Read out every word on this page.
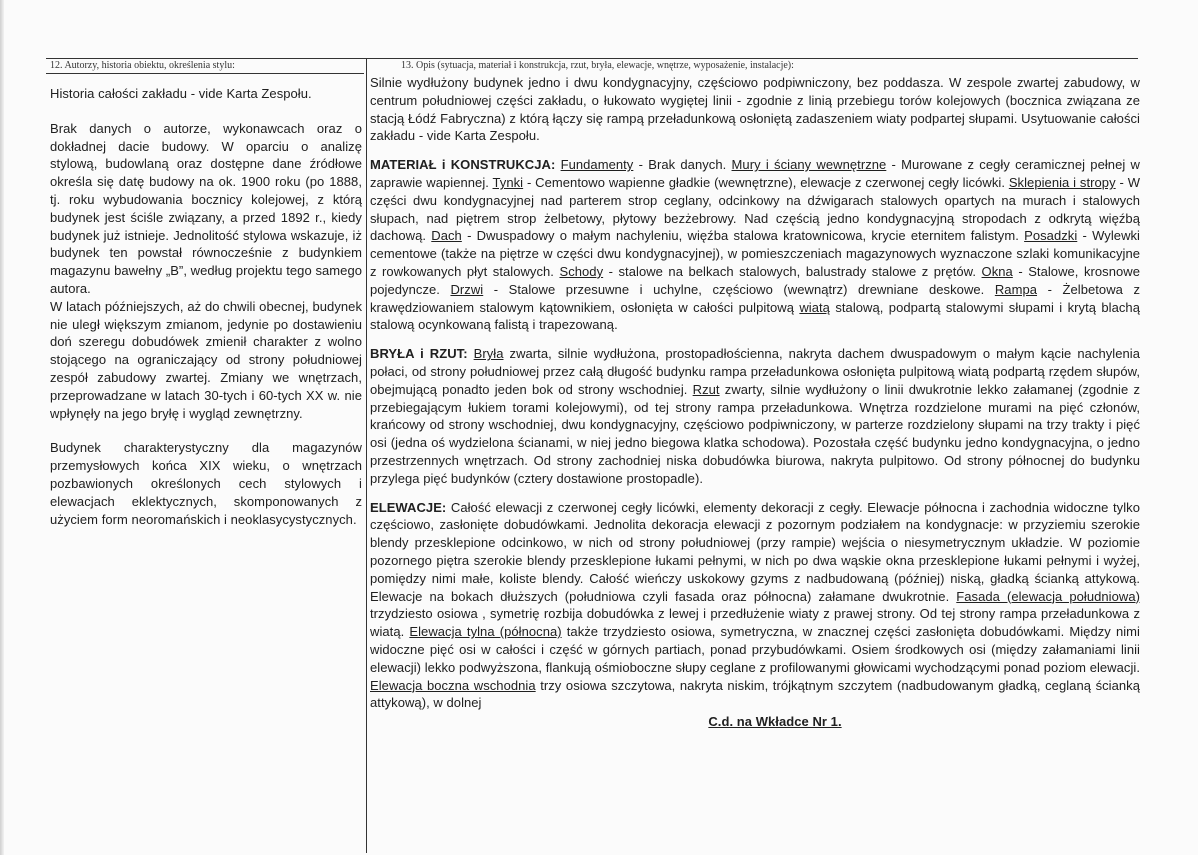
12. Autorzy, historia obiektu, określenia stylu:	13. Opis (sytuacja, materiał i konstrukcja, rzut, bryła, elewacje, wnętrze, wyposażenie, instalacje):

Historia całości zakładu - vide Karta Zespołu.

Brak danych o autorze, wykonawcach oraz o dokładnej dacie budowy. W oparciu o analizę stylową, budowlaną oraz dostępne dane źródłowe określa się datę budowy na ok. 1900 roku (po 1888, tj. roku wybudowania bocznicy kolejowej, z którą budynek jest ściśle związany, a przed 1892 r., kiedy budynek już istnieje. Jednolitość stylowa wskazuje, iż budynek ten powstał równocześnie z budynkiem magazynu bawełny „B”, według projektu tego samego autora.

W latach późniejszych, aż do chwili obecnej, budynek nie uległ większym zmianom, jedynie po dostawieniu doń szeregu dobudówek zmienił charakter z wolno stojącego na ograniczający od strony południowej zespół zabudowy zwartej. Zmiany we wnętrzach, przeprowadzane w latach 30-tych i 60-tych XX w. nie wpłynęły na jego bryłę i wygląd zewnętrzny.

Budynek charakterystyczny dla magazynów przemysłowych końca XIX wieku, o wnętrzach pozbawionych określonych cech stylowych i elewacjach eklektycznych, skomponowanych z użyciem form neoromańskich i neoklasycystycznych.

Silnie wydłużony budynek jedno i dwu kondygnacyjny, częściowo podpiwniczony, bez poddasza. W zespole zwartej zabudowy, w centrum południowej części zakładu, o łukowato wygiętej linii - zgodnie z linią przebiegu torów kolejowych (bocznica związana ze stacją Łódź Fabryczna) z którą łączy się rampą przeładunkową osłoniętą zadaszeniem wiaty podpartej słupami. Usytuowanie całości zakładu - vide Karta Zespołu.

MATERIAŁ i KONSTRUKCJA: Fundamenty - Brak danych. Mury i ściany wewnętrzne - Murowane z cegły ceramicznej pełnej w zaprawie wapiennej. Tynki - Cementowo wapienne gładkie (wewnętrzne), elewacje z czerwonej cegły licówki. Sklepienia i stropy - W części dwu kondygnacyjnej nad parterem strop ceglany, odcinkowy na dźwigarach stalowych opartych na murach i stalowych słupach, nad piętrem strop żelbetowy, płytowy bezżebrowy. Nad częścią jedno kondygnacyjną stropodach z odkrytą więźbą dachową. Dach - Dwuspadowy o małym nachyleniu, więźba stalowa kratownicowa, krycie eternitem falistym. Posadzki - Wylewki cementowe (także na piętrze w części dwu kondygnacyjnej), w pomieszczeniach magazynowych wyznaczone szlaki komunikacyjne z rowkowanych płyt stalowych. Schody - stalowe na belkach stalowych, balustrady stalowe z prętów. Okna - Stalowe, krosnowe pojedyncze. Drzwi - Stalowe przesuwne i uchylne, częściowo (wewnątrz) drewniane deskowe. Rampa - Żelbetowa z krawędziowaniem stalowym kątownikiem, osłonięta w całości pulpitową wiatą stalową, podpartą stalowymi słupami i krytą blachą stalową ocynkowaną falistą i trapezowaną.

BRYŁA i RZUT: Bryła zwarta, silnie wydłużona, prostopadłościenna, nakryta dachem dwuspadowym o małym kącie nachylenia połaci, od strony południowej przez całą długość budynku rampa przeładunkowa osłonięta pulpitową wiatą podpartą rzędem słupów, obejmującą ponadto jeden bok od strony wschodniej. Rzut zwarty, silnie wydłużony o linii dwukrotnie lekko załamanej (zgodnie z przebiegającym łukiem torami kolejowymi), od tej strony rampa przeładunkowa. Wnętrza rozdzielone murami na pięć członów, krańcowy od strony wschodniej, dwu kondygnacyjny, częściowo podpiwniczony, w parterze rozdzielony słupami na trzy trakty i pięć osi (jedna oś wydzielona ścianami, w niej jedno biegowa klatka schodowa). Pozostała część budynku jedno kondygnacyjna, o jedno przestrzennych wnętrzach. Od strony zachodniej niska dobudówka biurowa, nakryta pulpitowo. Od strony północnej do budynku przylega pięć budynków (cztery dostawione prostopadle).

ELEWACJE: Całość elewacji z czerwonej cegły licówki, elementy dekoracji z cegły. Elewacje północna i zachodnia widoczne tylko częściowo, zasłonięte dobudówkami. Jednolita dekoracja elewacji z pozornym podziałem na kondygnacje: w przyziemiu szerokie blendy przesklepione odcinkowo, w nich od strony południowej (przy rampie) wejścia o niesymetrycznym układzie. W poziomie pozornego piętra szerokie blendy przesklepione łukami pełnymi, w nich po dwa wąskie okna przesklepione łukami pełnymi i wyżej, pomiędzy nimi małe, koliste blendy. Całość wieńczy uskokowy gzyms z nadbudowaną (później) niską, gładką ścianką attykową. Elewacje na bokach dłuższych (południowa czyli fasada oraz północna) załamane dwukrotnie. Fasada (elewacja południowa) trzydziesto osiowa , symetrię rozbija dobudówka z lewej i przedłużenie wiaty z prawej strony. Od tej strony rampa przeładunkowa z wiatą. Elewacja tylna (północna) także trzydziesto osiowa, symetryczna, w znacznej części zasłonięta dobudówkami. Między nimi widoczne pięć osi w całości i część w górnych partiach, ponad przybudówkami. Osiem środkowych osi (między załamaniami linii elewacji) lekko podwyższona, flankują ośmioboczne słupy ceglane z profilowanymi głowicami wychodzącymi ponad poziom elewacji. Elewacja boczna wschodnia trzy osiowa szczytowa, nakryta niskim, trójkątnym szczytem (nadbudowanym gładką, ceglaną ścianką attykową), w dolnej

C.d. na Wkładce Nr 1.
